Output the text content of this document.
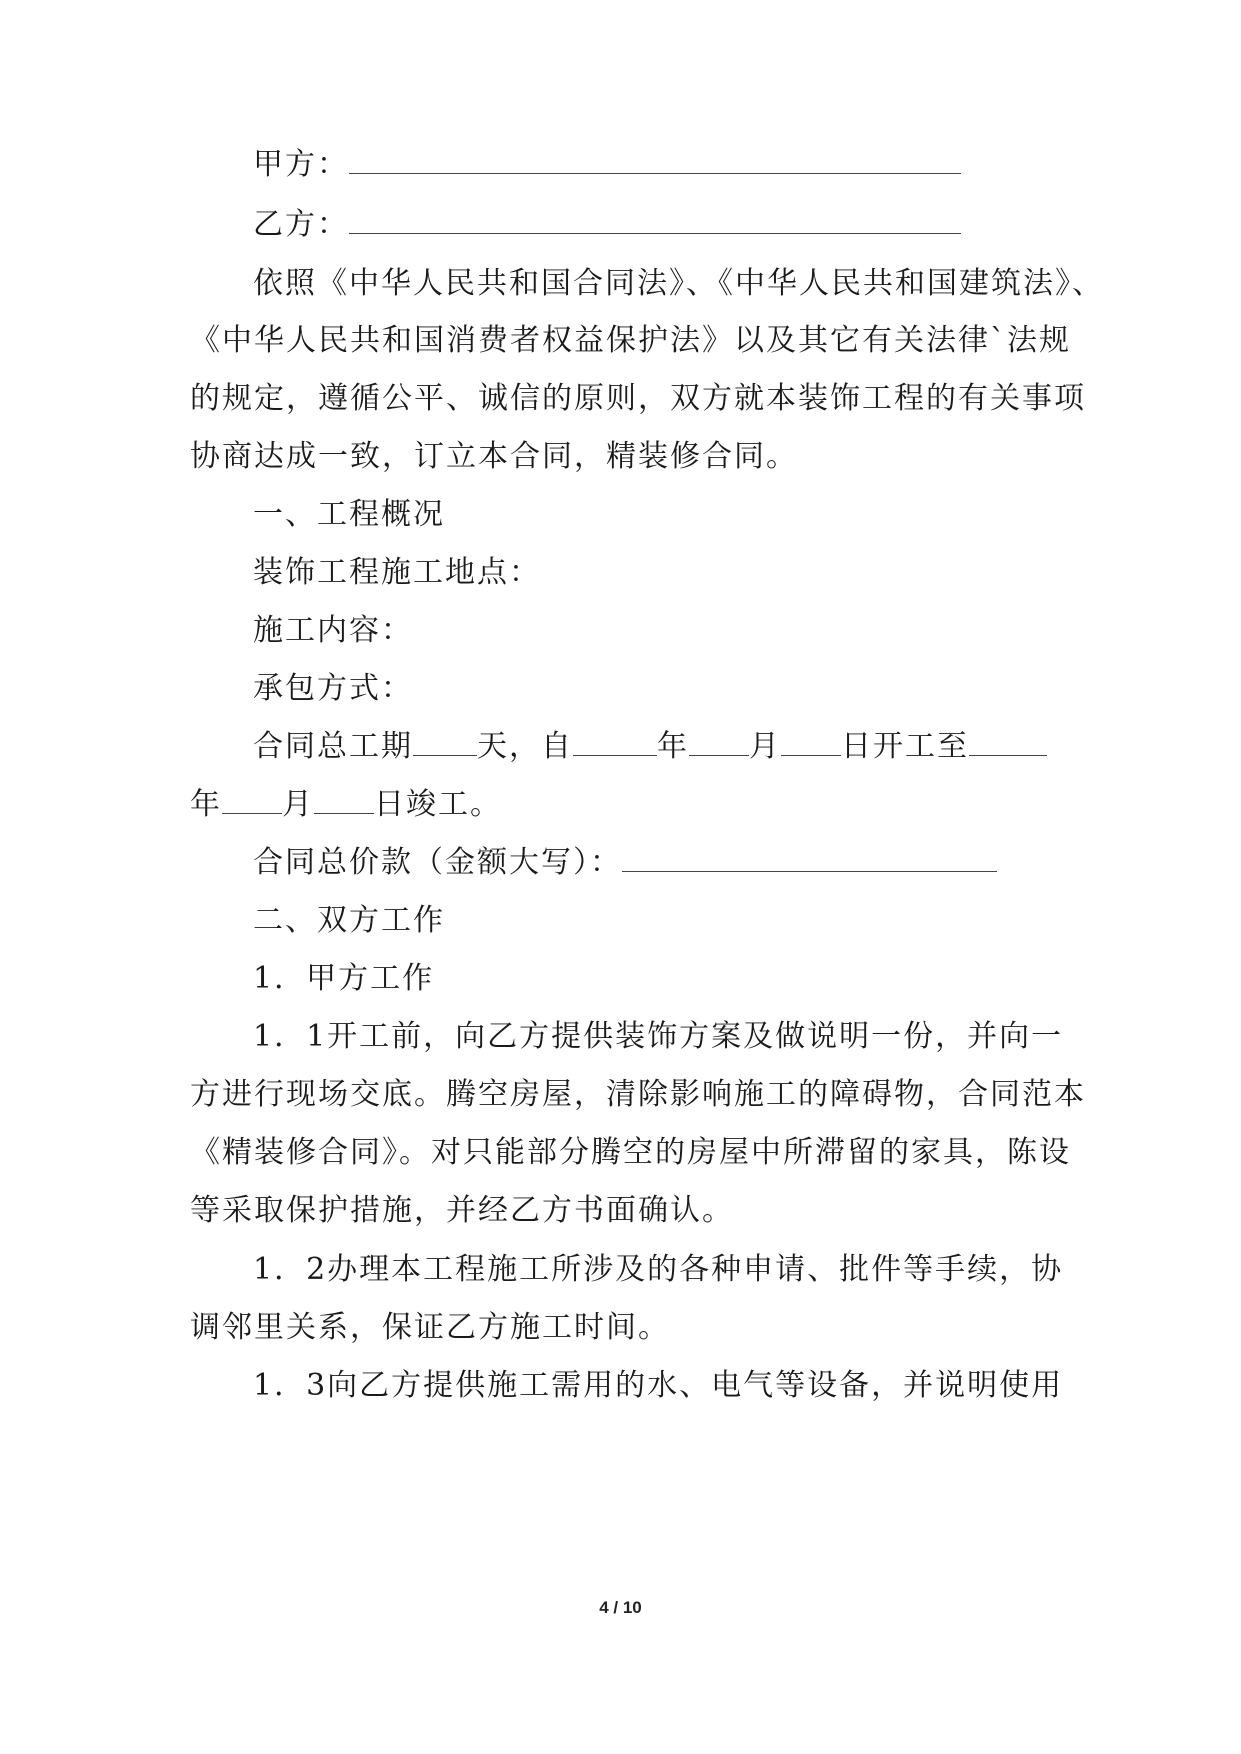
甲方：
乙方：
依照《中华人民共和国合同法》、《中华人民共和国建筑法》、
《中华人民共和国消费者权益保护法》以及其它有关法律`法规
的规定，遵循公平、诚信的原则，双方就本装饰工程的有关事项
协商达成一致，订立本合同，精装修合同。
一、工程概况
装饰工程施工地点：
施工内容：
承包方式：
合同总工期 天，自	年 月 日开工至
年 月 日竣工。
合同总价款（金额大写）：
二、双方工作
1．甲方工作
1．1开工前，向乙方提供装饰方案及做说明一份，并向一
方进行现场交底。腾空房屋，清除影响施工的障碍物，合同范本
《精装修合同》。对只能部分腾空的房屋中所滞留的家具，陈设
等采取保护措施，并经乙方书面确认。
1．2办理本工程施工所涉及的各种申请、批件等手续，协
调邻里关系，保证乙方施工时间。
1．3向乙方提供施工需用的水、电气等设备，并说明使用
4 / 10
